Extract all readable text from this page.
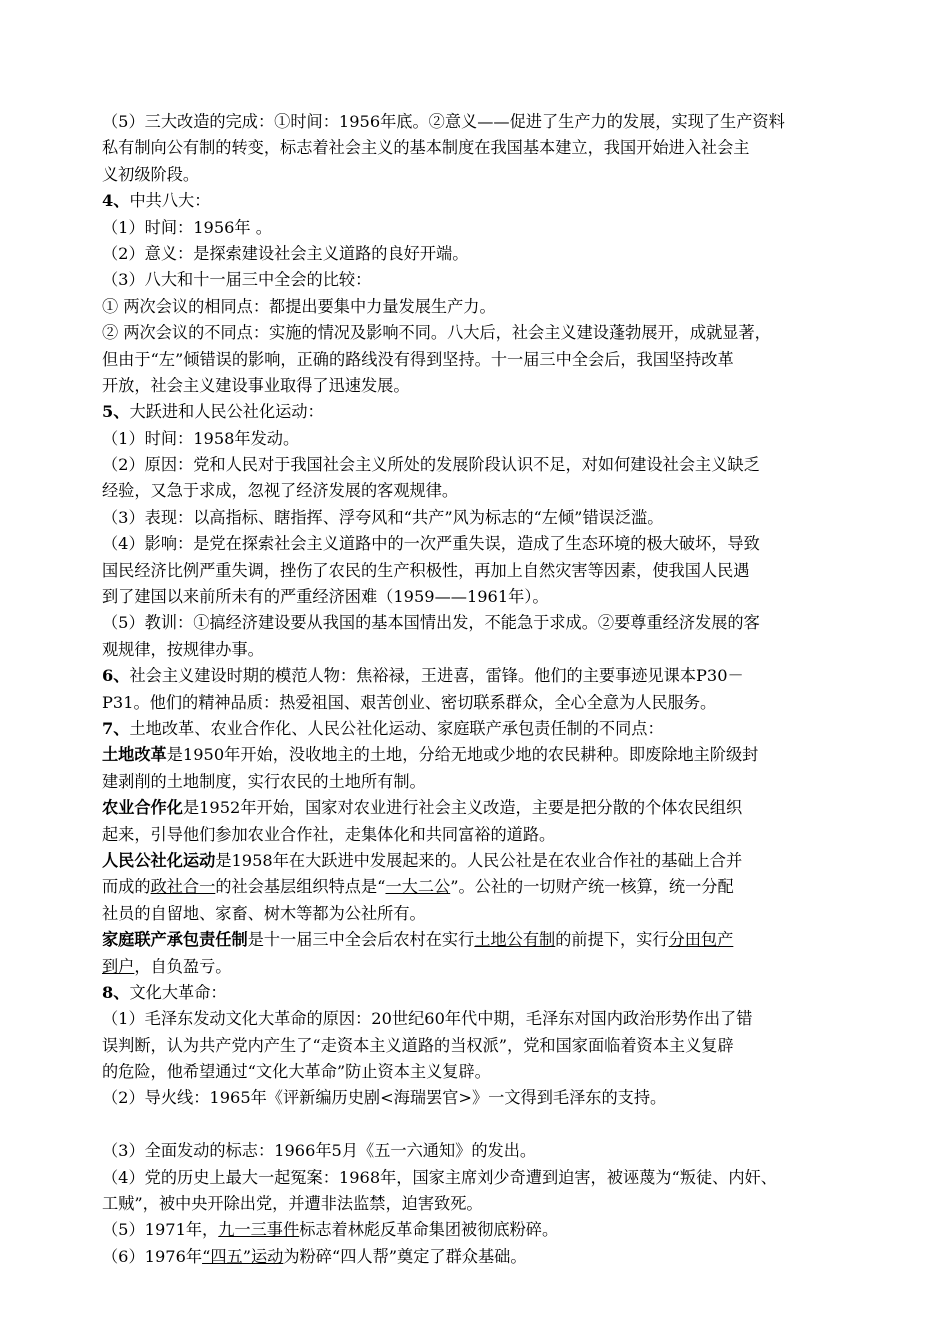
（5）三大改造的完成：①时间：1956年底。②意义——促进了生产力的发展，实现了生产资料
私有制向公有制的转变，标志着社会主义的基本制度在我国基本建立，我国开始进入社会主
义初级阶段。
4、中共八大：
（1）时间：1956年 。
（2）意义：是探索建设社会主义道路的良好开端。
（3）八大和十一届三中全会的比较：
① 两次会议的相同点：都提出要集中力量发展生产力。
② 两次会议的不同点：实施的情况及影响不同。八大后，社会主义建设蓬勃展开，成就显著，
但由于“左”倾错误的影响，正确的路线没有得到坚持。十一届三中全会后，我国坚持改革
开放，社会主义建设事业取得了迅速发展。
5、大跃进和人民公社化运动：
（1）时间：1958年发动。
（2）原因：党和人民对于我国社会主义所处的发展阶段认识不足，对如何建设社会主义缺乏
经验，又急于求成，忽视了经济发展的客观规律。
（3）表现：以高指标、瞎指挥、浮夸风和“共产”风为标志的“左倾”错误泛滥。
（4）影响：是党在探索社会主义道路中的一次严重失误，造成了生态环境的极大破坏，导致
国民经济比例严重失调，挫伤了农民的生产积极性，再加上自然灾害等因素，使我国人民遇
到了建国以来前所未有的严重经济困难（1959——1961年）。
（5）教训：①搞经济建设要从我国的基本国情出发，不能急于求成。②要尊重经济发展的客
观规律，按规律办事。
6、社会主义建设时期的模范人物：焦裕禄，王进喜，雷锋。他们的主要事迹见课本P30－
P31。他们的精神品质：热爱祖国、艰苦创业、密切联系群众，全心全意为人民服务。
7、土地改革、农业合作化、人民公社化运动、家庭联产承包责任制的不同点：
土地改革是1950年开始，没收地主的土地，分给无地或少地的农民耕种。即废除地主阶级封
建剥削的土地制度，实行农民的土地所有制。
农业合作化是1952年开始，国家对农业进行社会主义改造，主要是把分散的个体农民组织
起来，引导他们参加农业合作社，走集体化和共同富裕的道路。
人民公社化运动是1958年在大跃进中发展起来的。人民公社是在农业合作社的基础上合并
而成的政社合一的社会基层组织特点是“一大二公”。公社的一切财产统一核算，统一分配
社员的自留地、家畜、树木等都为公社所有。
家庭联产承包责任制是十一届三中全会后农村在实行土地公有制的前提下，实行分田包产
到户，自负盈亏。
8、文化大革命：
（1）毛泽东发动文化大革命的原因：20世纪60年代中期，毛泽东对国内政治形势作出了错
误判断，认为共产党内产生了“走资本主义道路的当权派”，党和国家面临着资本主义复辟
的危险，他希望通过“文化大革命”防止资本主义复辟。
（2）导火线：1965年《评新编历史剧<海瑞罢官>》一文得到毛泽东的支持。
（3）全面发动的标志：1966年5月《五一六通知》的发出。
（4）党的历史上最大一起冤案：1968年，国家主席刘少奇遭到迫害，被诬蔑为“叛徒、内奸、
工贼”，被中央开除出党，并遭非法监禁，迫害致死。
（5）1971年，九一三事件标志着林彪反革命集团被彻底粉碎。
（6）1976年“四五”运动为粉碎“四人帮”奠定了群众基础。
